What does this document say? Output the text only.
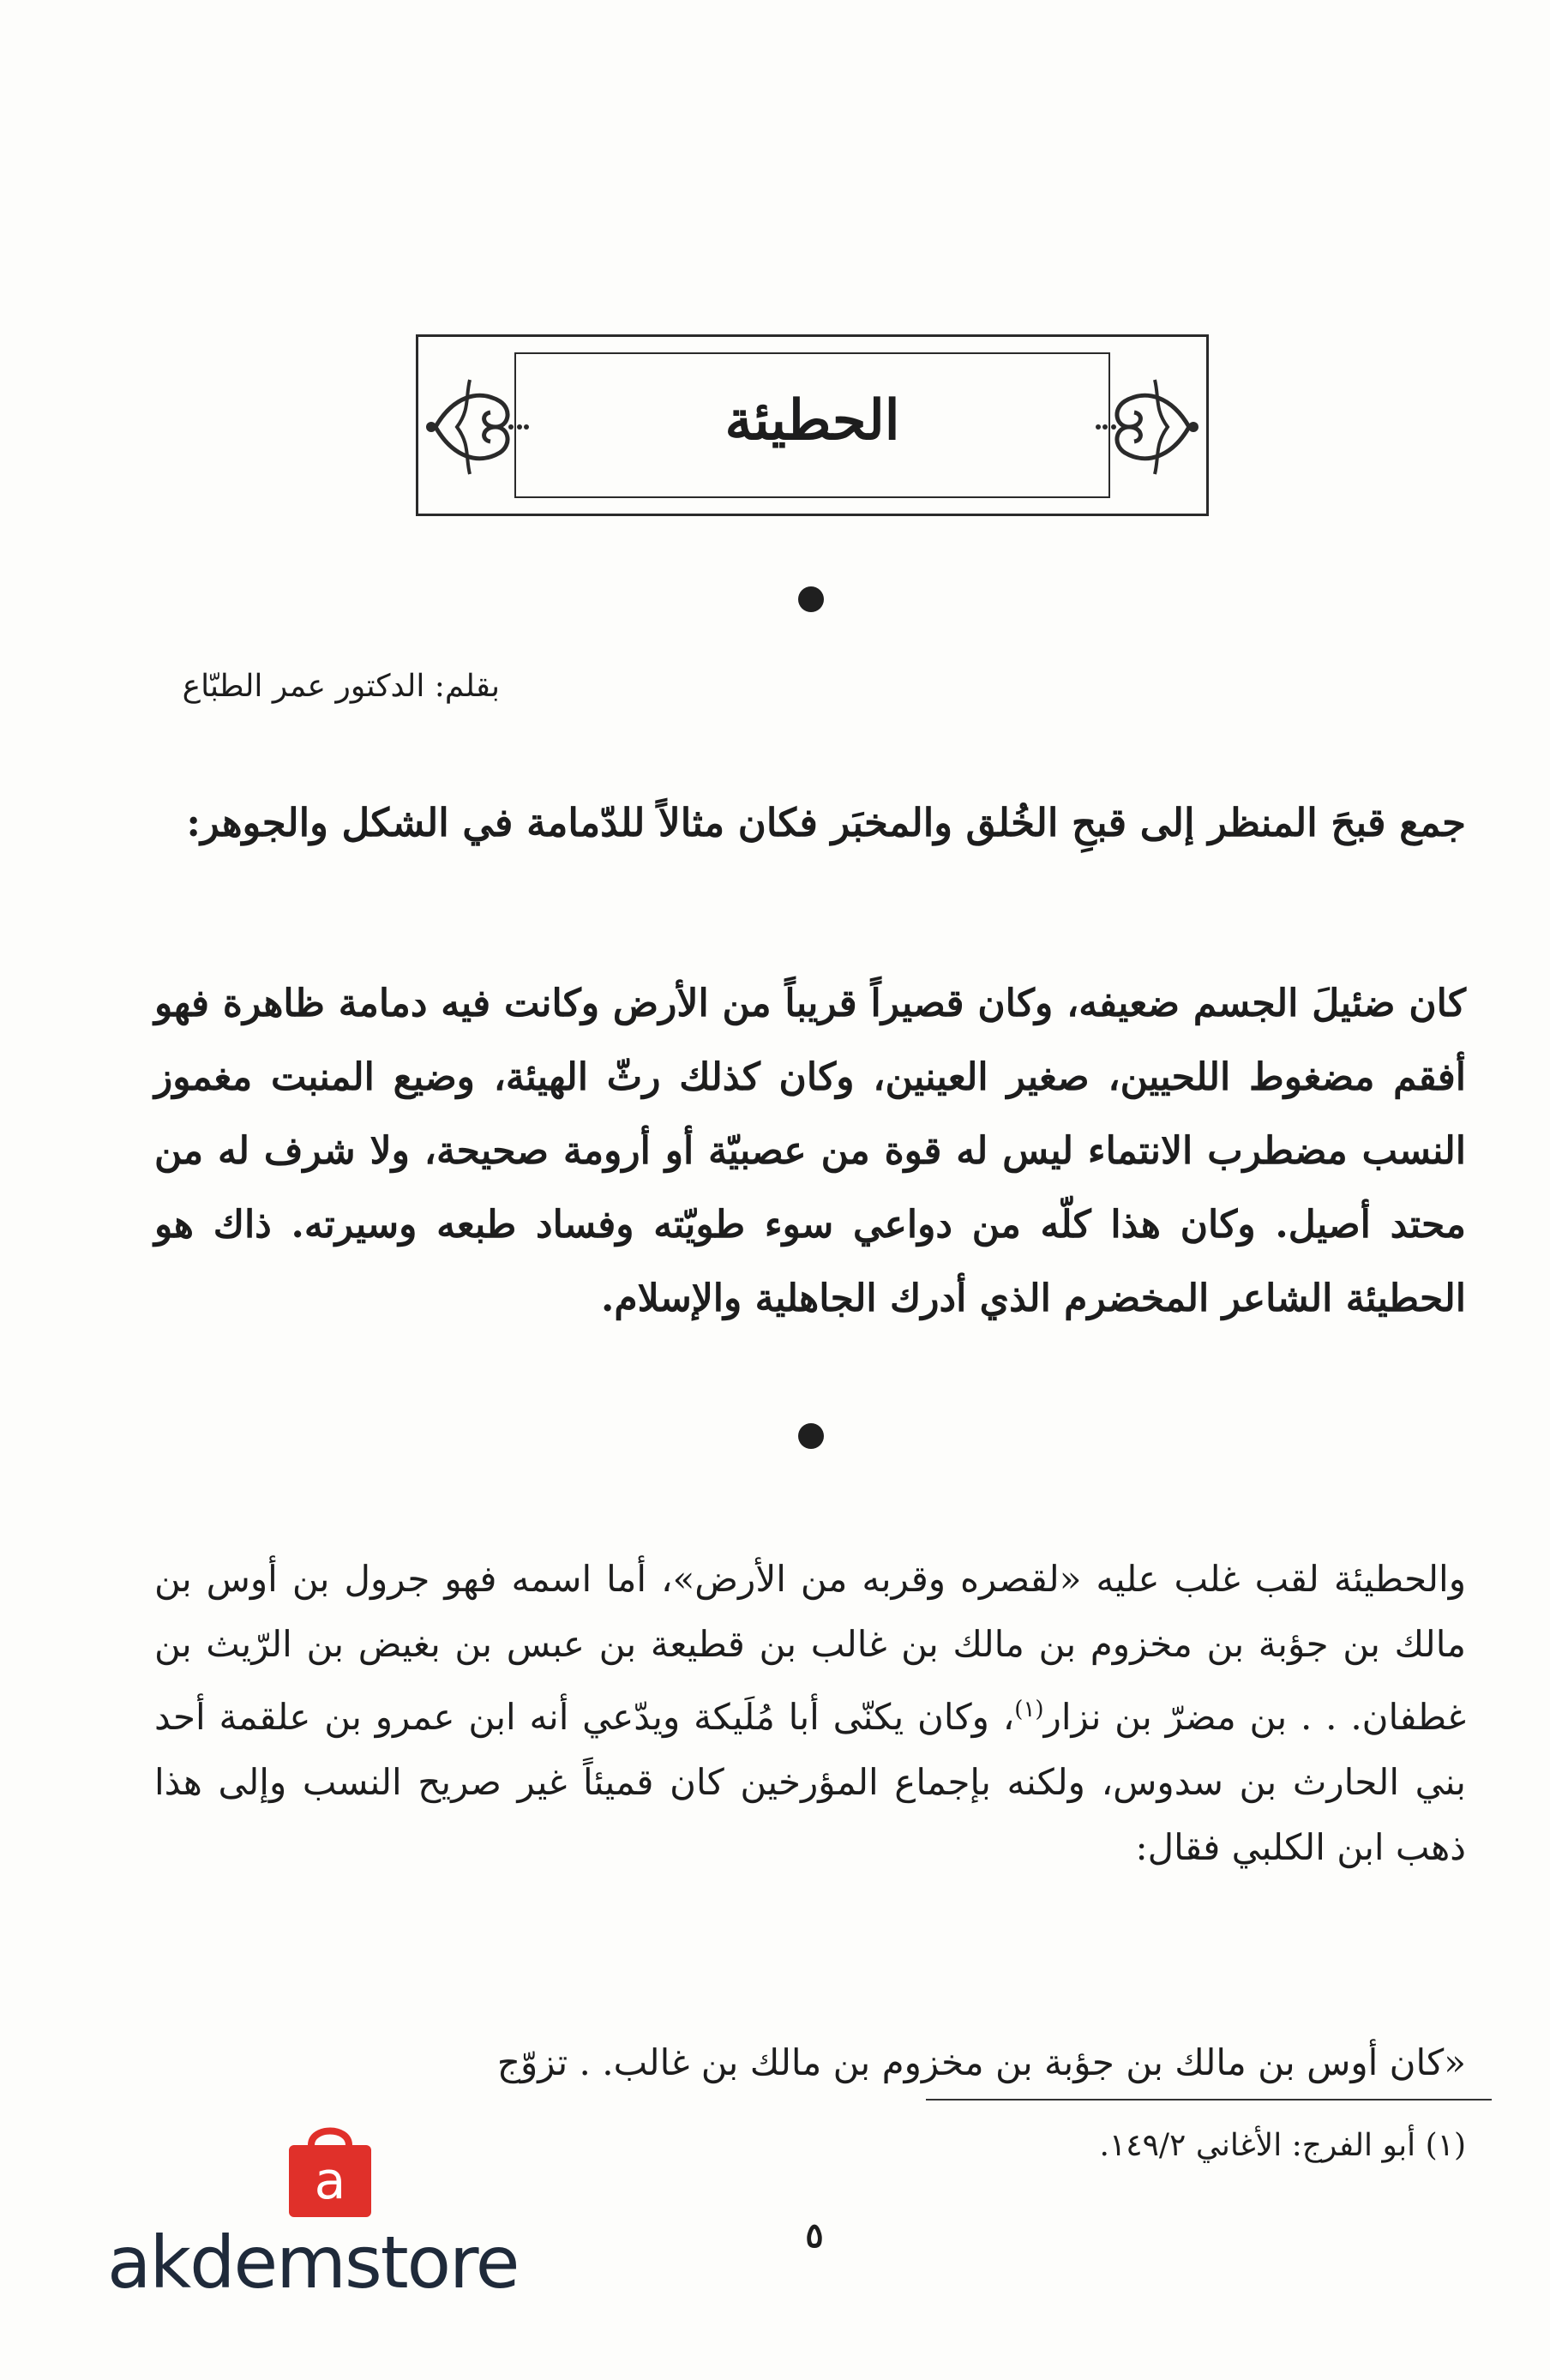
الحطيئة
بقلم: الدكتور عمر الطبّاع

جمع قبحَ المنظر إلى قبحِ الخُلق والمخبَر فكان مثالاً للدّمامة في الشكل والجوهر:

كان ضئيلَ الجسم ضعيفه، وكان قصيراً قريباً من الأرض وكانت فيه دمامة ظاهرة فهو أفقم مضغوط اللحيين، صغير العينين، وكان كذلك رثّ الهيئة، وضيع المنبت مغموز النسب مضطرب الانتماء ليس له قوة من عصبيّة أو أرومة صحيحة، ولا شرف له من محتد أصيل. وكان هذا كلّه من دواعي سوء طويّته وفساد طبعه وسيرته. ذاك هو الحطيئة الشاعر المخضرم الذي أدرك الجاهلية والإسلام.

والحطيئة لقب غلب عليه «لقصره وقربه من الأرض»، أما اسمه فهو جرول بن أوس بن مالك بن جؤبة بن مخزوم بن مالك بن غالب بن قطيعة بن عبس بن بغيض بن الرّيث بن غطفان. . . بن مضرّ بن نزار$^{(١)}$، وكان يكنّى أبا مُلَيكة ويدّعي أنه ابن عمرو بن علقمة أحد بني الحارث بن سدوس، ولكنه بإجماع المؤرخين كان قميئاً غير صريح النسب وإلى هذا ذهب ابن الكلبي فقال:

«كان أوس بن مالك بن جؤبة بن مخزوم بن مالك بن غالب. . تزوّج

(١) أبو الفرج: الأغاني ١٤٩/٢.
٥
a
akdemstore
